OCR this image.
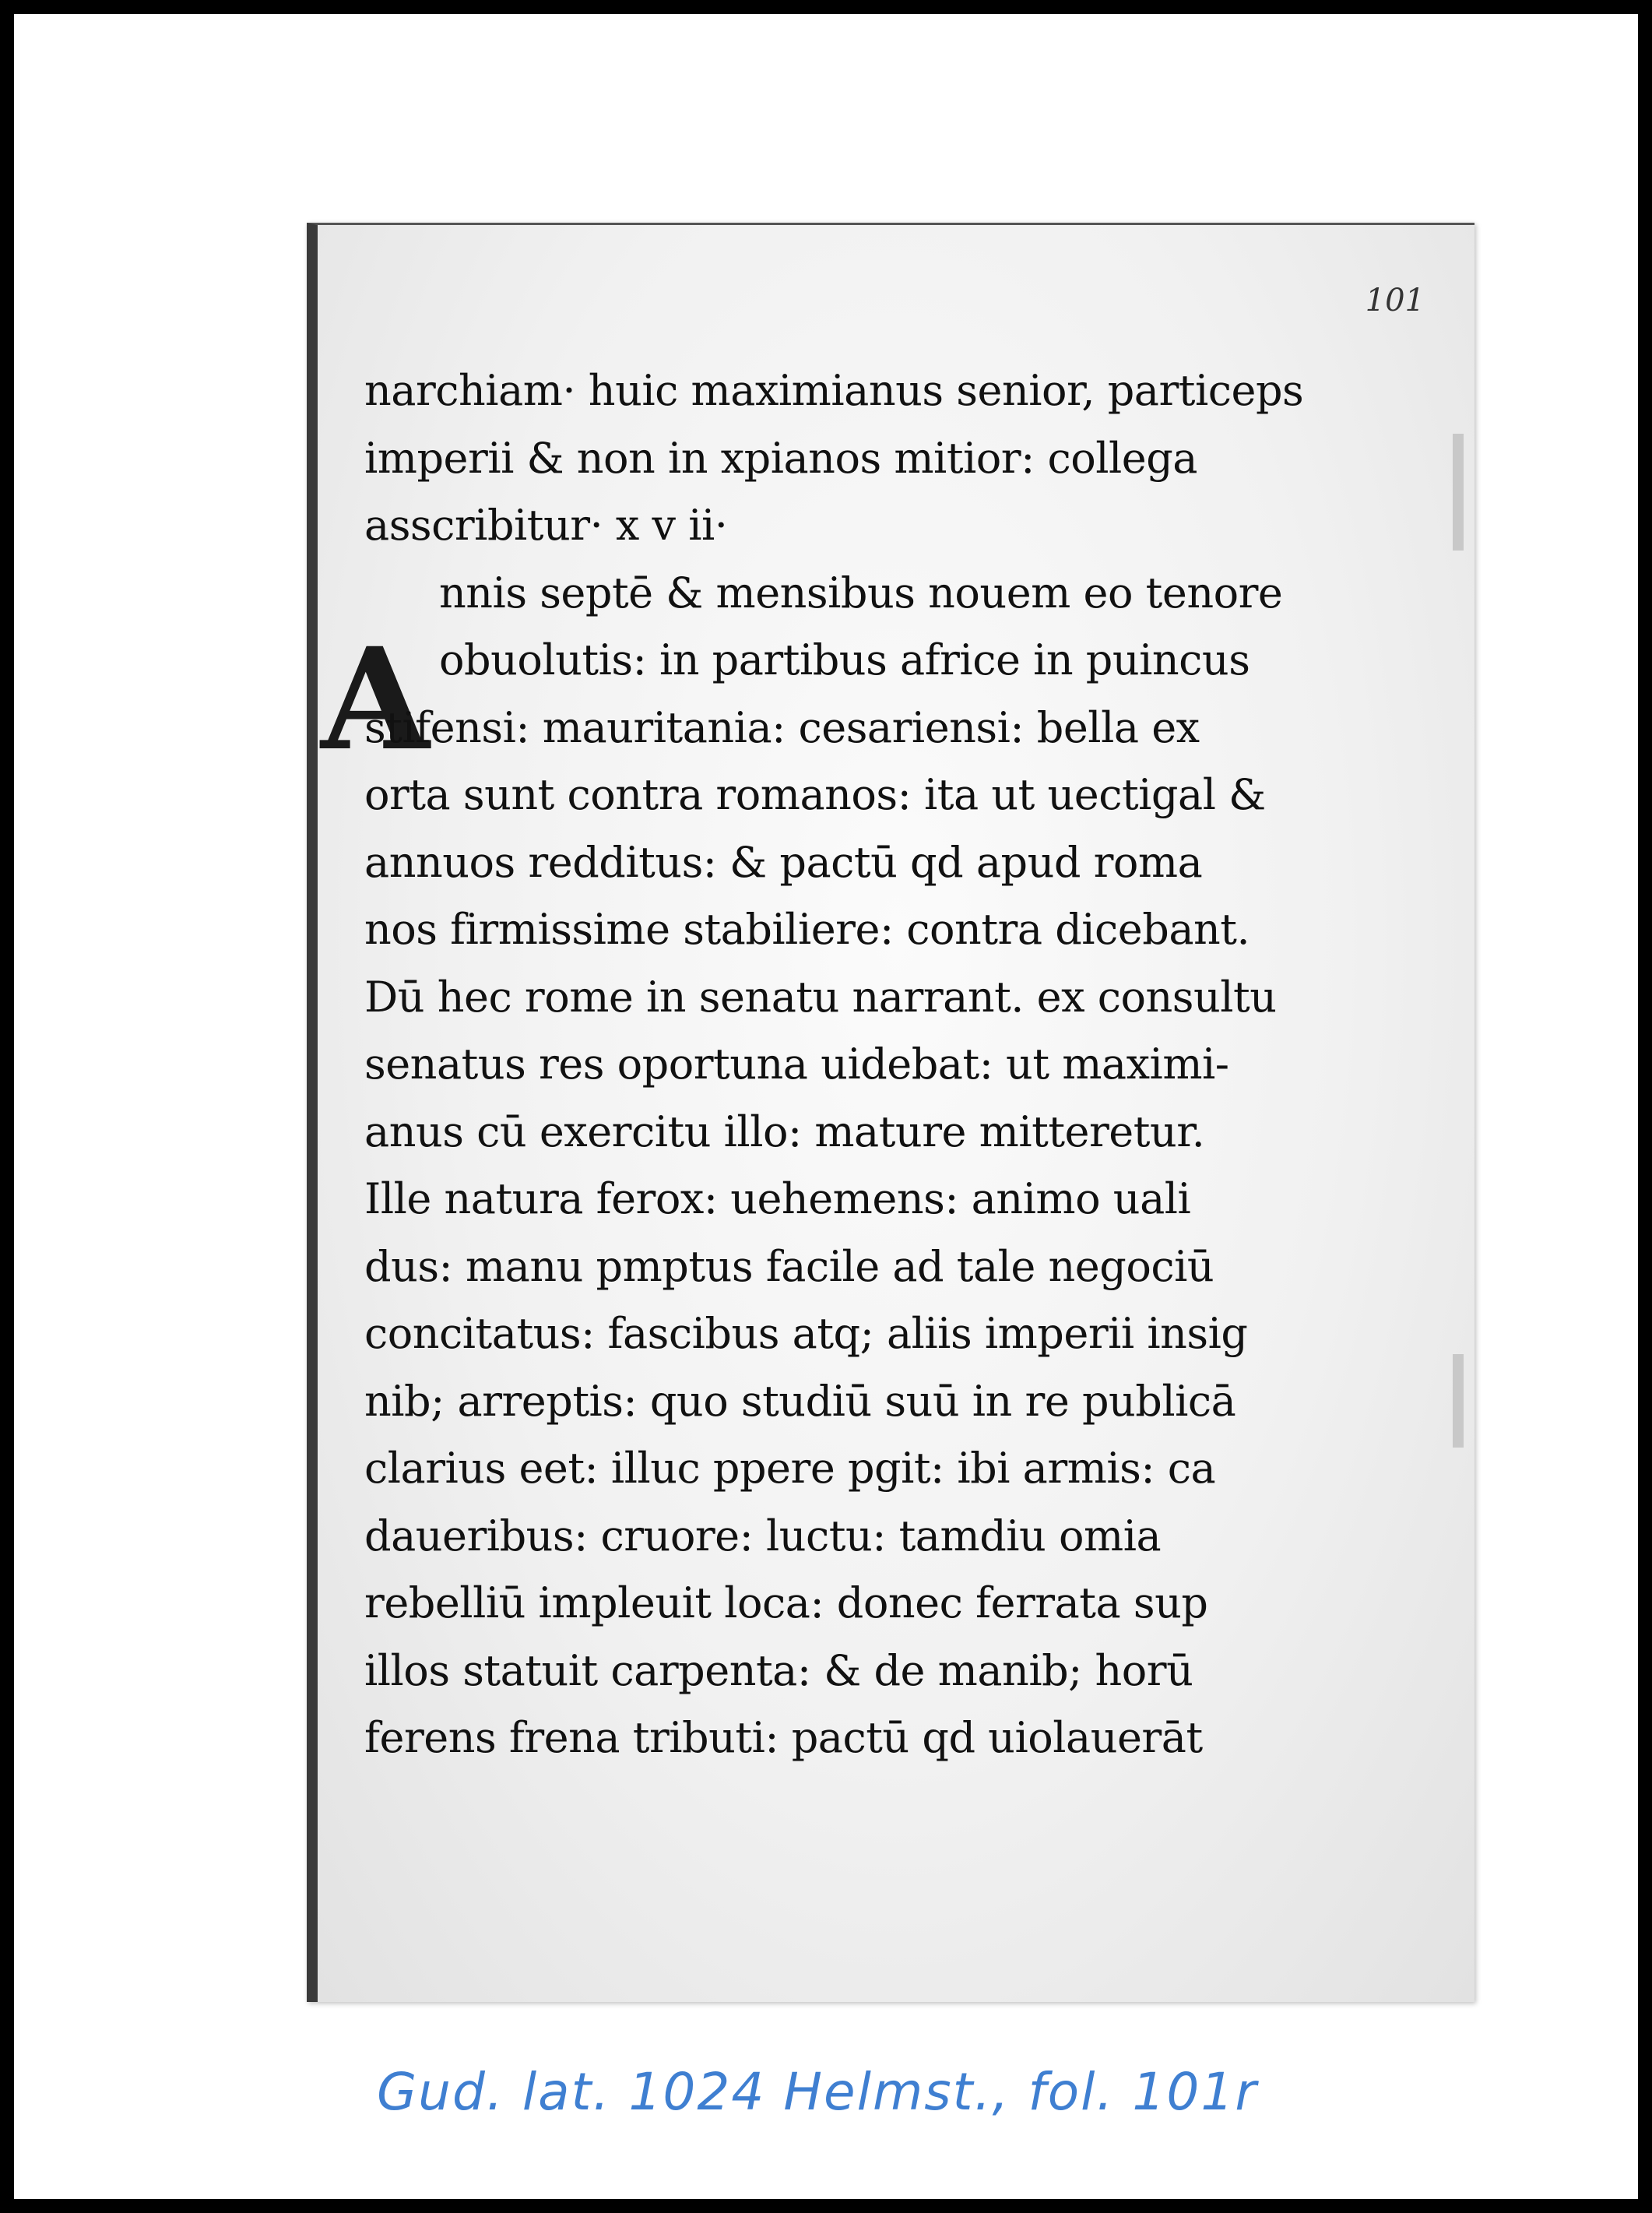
101
A
narchiam· huic maximianus senior, particeps
imperii & non in xpianos mitior: collega
asscribitur· x v ii·
nnis septē & mensibus nouem eo tenore
obuolutis: in partibus africe in puincus
stifensi: mauritania: cesariensi: bella ex
orta sunt contra romanos: ita ut uectigal &
annuos redditus: & pactū qd apud roma
nos firmissime stabiliere: contra dicebant.
Dū hec rome in senatu narrant. ex consultu
senatus res oportuna uidebat: ut maximi-
anus cū exercitu illo: mature mitteretur.
Ille natura ferox: uehemens: animo uali
dus: manu pmptus facile ad tale negociū
concitatus: fascibus atq; aliis imperii insig
nib; arreptis: quo studiū suū in re publicā
clarius eet: illuc ppere pgit: ibi armis: ca
daueribus: cruore: luctu: tamdiu omia
rebelliū impleuit loca: donec ferrata sup
illos statuit carpenta: & de manib; horū
ferens frena tributi: pactū qd uiolauerāt
Gud. lat. 1024 Helmst., fol. 101r
